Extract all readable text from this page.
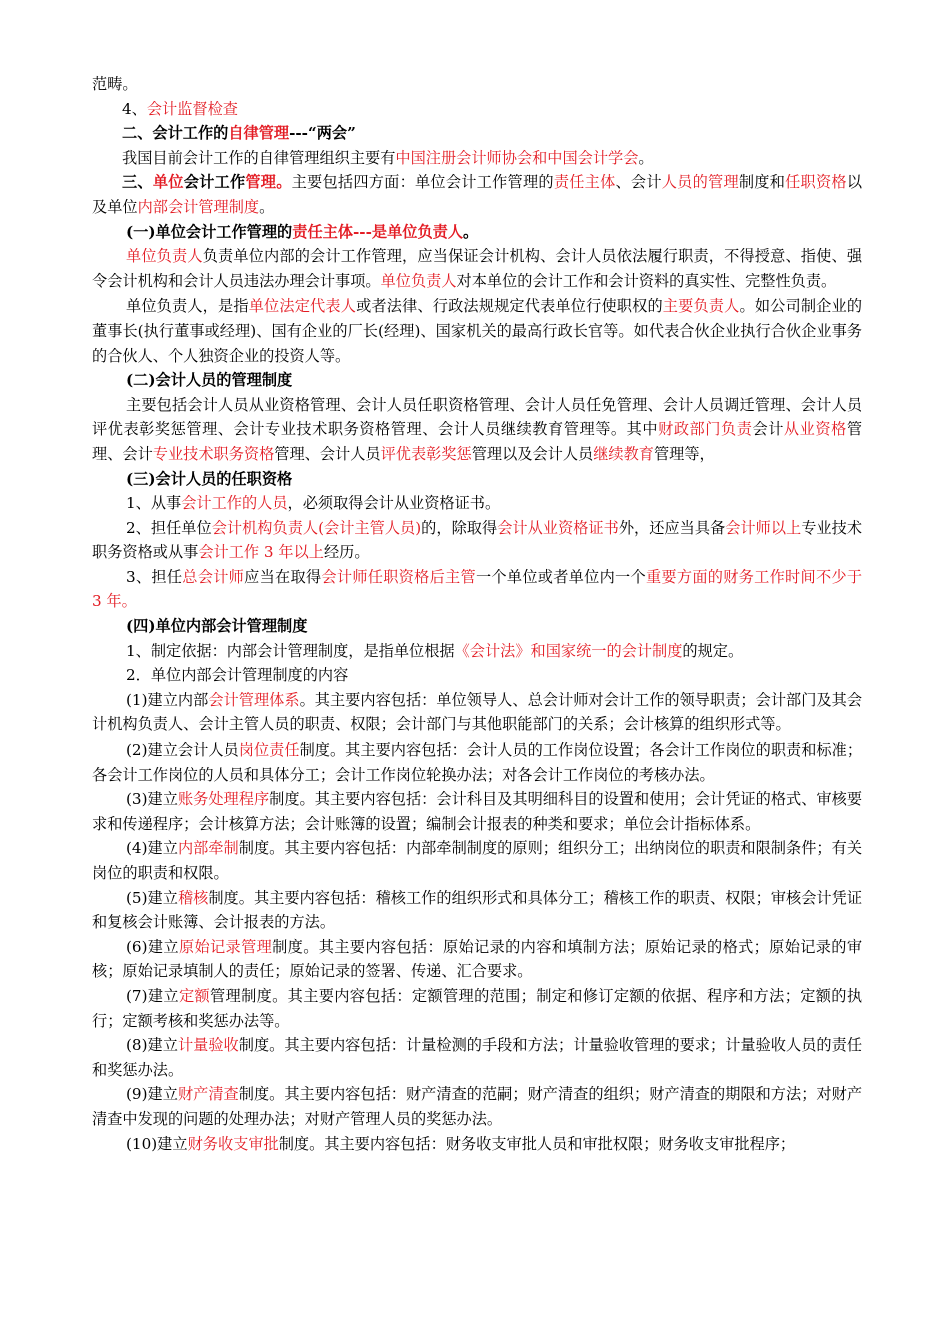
范畴。

4、会计监督检查

二、会计工作的自律管理---“两会”

我国目前会计工作的自律管理组织主要有中国注册会计师协会和中国会计学会。

三、单位会计工作管理。主要包括四方面：单位会计工作管理的责任主体、会计人员的管理制度和任职资格以及单位内部会计管理制度。

(一)单位会计工作管理的责任主体---是单位负责人。

单位负责人负责单位内部的会计工作管理，应当保证会计机构、会计人员依法履行职责，不得授意、指使、强令会计机构和会计人员违法办理会计事项。单位负责人对本单位的会计工作和会计资料的真实性、完整性负责。

单位负责人，是指单位法定代表人或者法律、行政法规规定代表单位行使职权的主要负责人。如公司制企业的董事长(执行董事或经理)、国有企业的厂长(经理)、国家机关的最高行政长官等。如代表合伙企业执行合伙企业事务的合伙人、个人独资企业的投资人等。

(二)会计人员的管理制度

主要包括会计人员从业资格管理、会计人员任职资格管理、会计人员任免管理、会计人员调迁管理、会计人员评优表彰奖惩管理、会计专业技术职务资格管理、会计人员继续教育管理等。其中财政部门负责会计从业资格管理、会计专业技术职务资格管理、会计人员评优表彰奖惩管理以及会计人员继续教育管理等，

(三)会计人员的任职资格

1、从事会计工作的人员，必须取得会计从业资格证书。

2、担任单位会计机构负责人(会计主管人员)的，除取得会计从业资格证书外，还应当具备会计师以上专业技术职务资格或从事会计工作 3 年以上经历。

3、担任总会计师应当在取得会计师任职资格后主管一个单位或者单位内一个重要方面的财务工作时间不少于 3 年。

(四)单位内部会计管理制度

1、制定依据：内部会计管理制度，是指单位根据《会计法》和国家统一的会计制度的规定。

2．单位内部会计管理制度的内容

(1)建立内部会计管理体系。其主要内容包括：单位领导人、总会计师对会计工作的领导职责；会计部门及其会计机构负责人、会计主管人员的职责、权限；会计部门与其他职能部门的关系；会计核算的组织形式等。

(2)建立会计人员岗位责任制度。其主要内容包括：会计人员的工作岗位设置；各会计工作岗位的职责和标准；各会计工作岗位的人员和具体分工；会计工作岗位轮换办法；对各会计工作岗位的考核办法。

(3)建立账务处理程序制度。其主要内容包括：会计科目及其明细科目的设置和使用；会计凭证的格式、审核要求和传递程序；会计核算方法；会计账簿的设置；编制会计报表的种类和要求；单位会计指标体系。

(4)建立内部牵制制度。其主要内容包括：内部牵制制度的原则；组织分工；出纳岗位的职责和限制条件；有关岗位的职责和权限。

(5)建立稽核制度。其主要内容包括：稽核工作的组织形式和具体分工；稽核工作的职责、权限；审核会计凭证和复核会计账簿、会计报表的方法。

(6)建立原始记录管理制度。其主要内容包括：原始记录的内容和填制方法；原始记录的格式；原始记录的审核；原始记录填制人的责任；原始记录的签署、传递、汇合要求。

(7)建立定额管理制度。其主要内容包括：定额管理的范围；制定和修订定额的依据、程序和方法；定额的执行；定额考核和奖惩办法等。

(8)建立计量验收制度。其主要内容包括：计量检测的手段和方法；计量验收管理的要求；计量验收人员的责任和奖惩办法。

(9)建立财产清查制度。其主要内容包括：财产清查的范嗣；财产清查的组织；财产清查的期限和方法；对财产清查中发现的问题的处理办法；对财产管理人员的奖惩办法。

(10)建立财务收支审批制度。其主要内容包括：财务收支审批人员和审批权限；财务收支审批程序；
